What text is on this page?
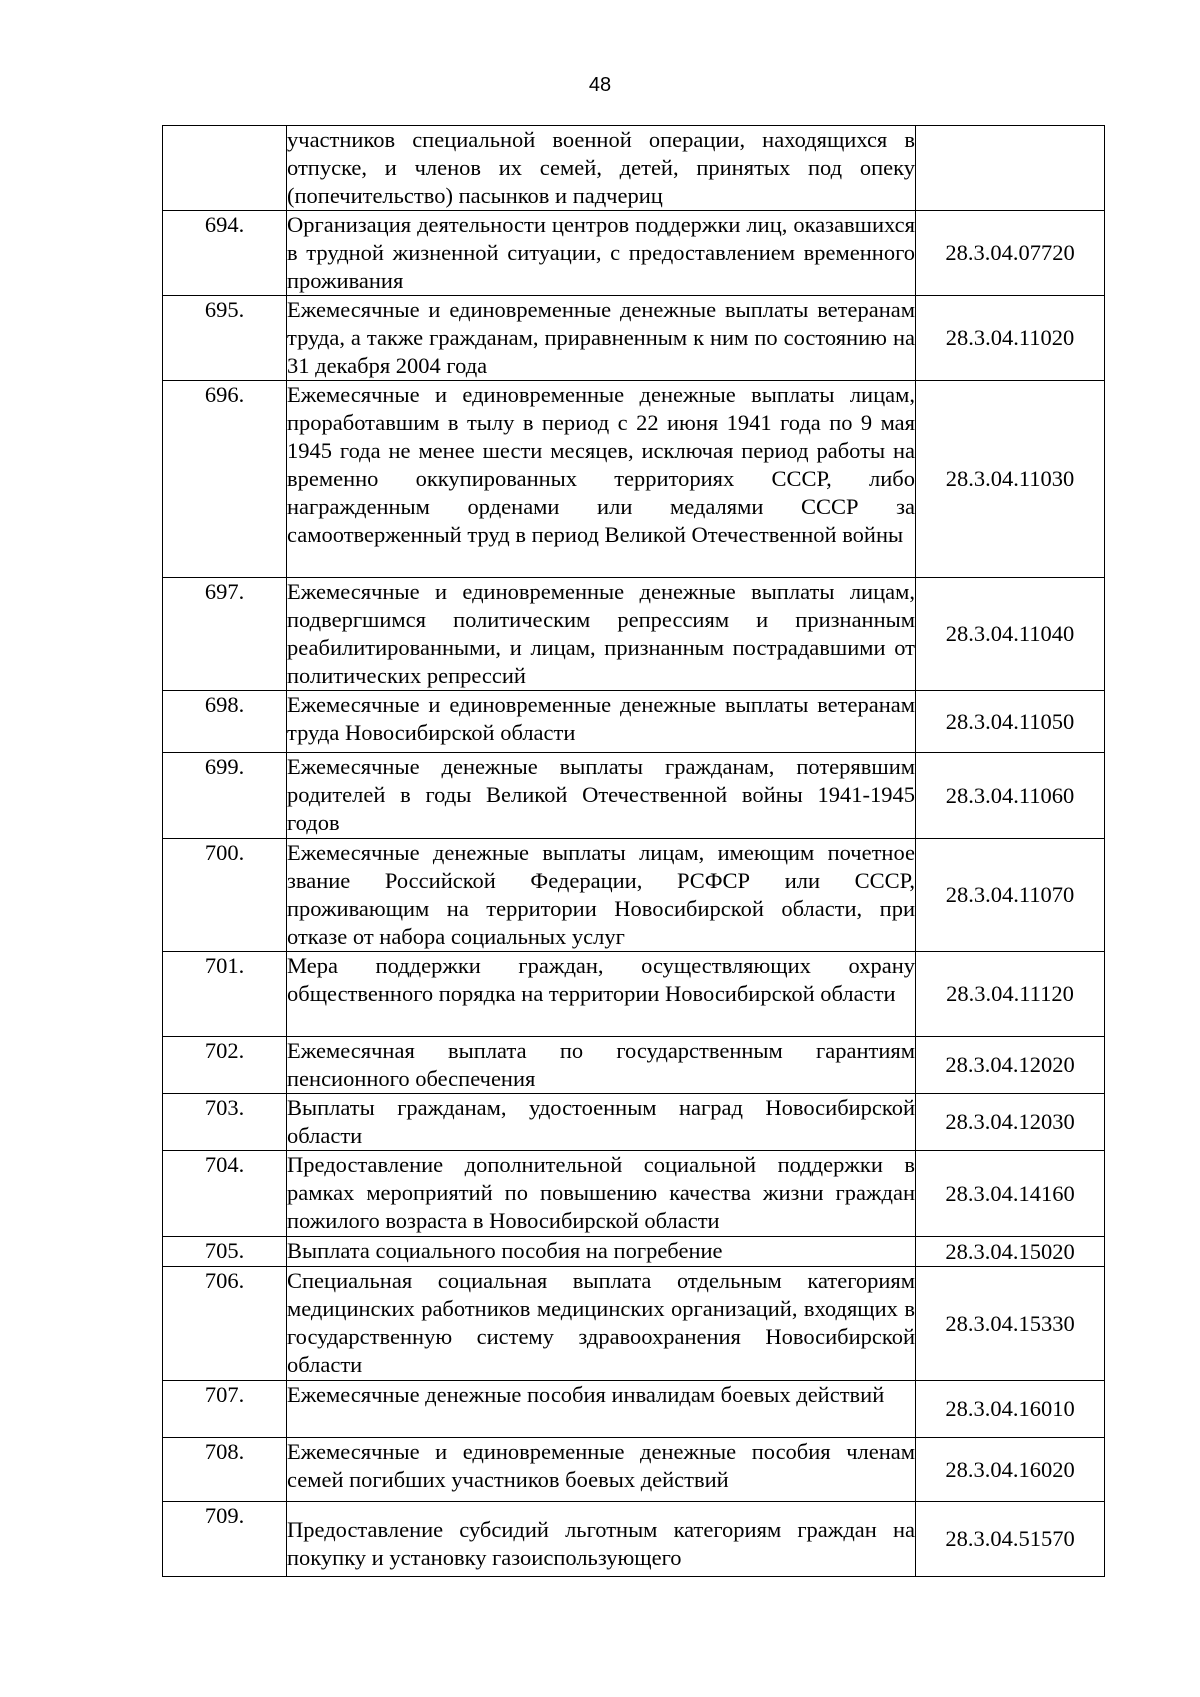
48

	участников специальной военной операции, находящихся в отпуске, и членов их семей, детей, принятых под опеку (попечительство) пасынков и падчериц	

694.	Организация деятельности центров поддержки лиц, оказавшихся в трудной жизненной ситуации, с предоставлением временного проживания	28.3.04.07720
695.	Ежемесячные и единовременные денежные выплаты ветеранам труда, а также гражданам, приравненным к ним по состоянию на 31 декабря 2004 года	28.3.04.11020
696.	Ежемесячные и единовременные денежные выплаты лицам, проработавшим в тылу в период с 22 июня 1941 года по 9 мая 1945 года не менее шести месяцев, исключая период работы на временно оккупированных территориях СССР, либо награжденным орденами или медалями СССР за самоотверженный труд в период Великой Отечественной войны	28.3.04.11030
697.	Ежемесячные и единовременные денежные выплаты лицам, подвергшимся политическим репрессиям и признанным реабилитированными, и лицам, признанным пострадавшими от политических репрессий	28.3.04.11040
698.	Ежемесячные и единовременные денежные выплаты ветеранам труда Новосибирской области	28.3.04.11050
699.	Ежемесячные денежные выплаты гражданам, потерявшим родителей в годы Великой Отечественной войны 1941-1945 годов	28.3.04.11060
700.	Ежемесячные денежные выплаты лицам, имеющим почетное звание Российской Федерации, РСФСР или СССР, проживающим на территории Новосибирской области, при отказе от набора социальных услуг	28.3.04.11070
701.	Мера поддержки граждан, осуществляющих охрану общественного порядка на территории Новосибирской области	28.3.04.11120
702.	Ежемесячная выплата по государственным гарантиям пенсионного обеспечения	28.3.04.12020
703.	Выплаты гражданам, удостоенным наград Новосибирской области	28.3.04.12030
704.	Предоставление дополнительной социальной поддержки в рамках мероприятий по повышению качества жизни граждан пожилого возраста в Новосибирской области	28.3.04.14160
705.	Выплата социального пособия на погребение	28.3.04.15020
706.	Специальная социальная выплата отдельным категориям медицинских работников медицинских организаций, входящих в государственную систему здравоохранения Новосибирской области	28.3.04.15330
707.	Ежемесячные денежные пособия инвалидам боевых действий	28.3.04.16010
708.	Ежемесячные и единовременные денежные пособия членам семей погибших участников боевых действий	28.3.04.16020
709.	Предоставление субсидий льготным категориям граждан на покупку и установку газоиспользующего	28.3.04.51570
